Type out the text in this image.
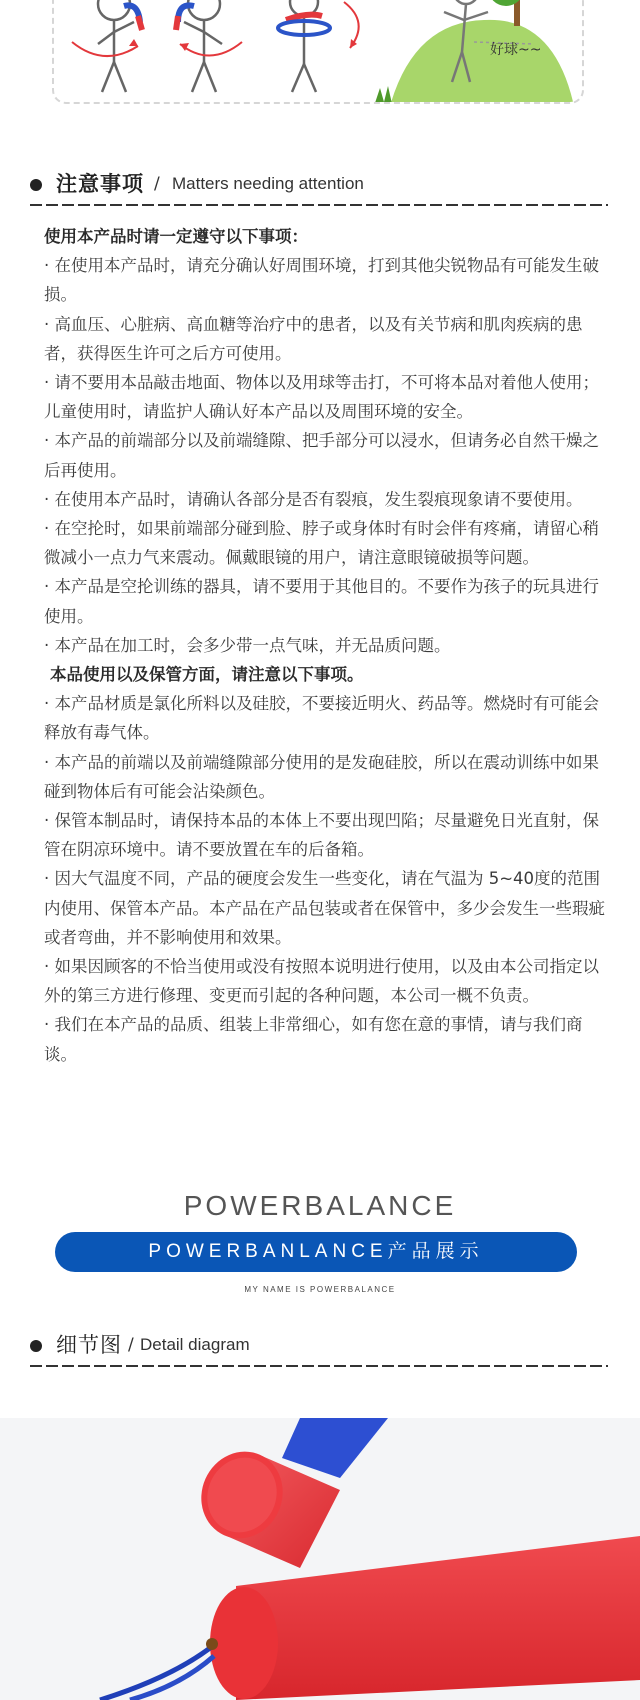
好球~~
注意事项 / Matters needing attention

使用本产品时请一定遵守以下事项：

· 在使用本产品时，请充分确认好周围环境，打到其他尖锐物品有可能发生破损。

· 高血压、心脏病、高血糖等治疗中的患者，以及有关节病和肌肉疾病的患者，获得医生许可之后方可使用。

· 请不要用本品敲击地面、物体以及用球等击打，不可将本品对着他人使用；儿童使用时，请监护人确认好本产品以及周围环境的安全。

· 本产品的前端部分以及前端缝隙、把手部分可以浸水，但请务必自然干燥之后再使用。

· 在使用本产品时，请确认各部分是否有裂痕，发生裂痕现象请不要使用。

· 在空抡时，如果前端部分碰到脸、脖子或身体时有时会伴有疼痛，请留心稍微减小一点力气来震动。佩戴眼镜的用户，请注意眼镜破损等问题。

· 本产品是空抡训练的器具，请不要用于其他目的。不要作为孩子的玩具进行使用。

· 本产品在加工时，会多少带一点气味，并无品质问题。

本品使用以及保管方面，请注意以下事项。

· 本产品材质是氯化所料以及硅胶，不要接近明火、药品等。燃烧时有可能会释放有毒气体。

· 本产品的前端以及前端缝隙部分使用的是发砲硅胶，所以在震动训练中如果碰到物体后有可能会沾染颜色。

· 保管本制品时，请保持本品的本体上不要出现凹陷；尽量避免日光直射，保管在阴凉环境中。请不要放置在车的后备箱。

· 因大气温度不同，产品的硬度会发生一些变化，请在气温为 5~40度的范围内使用、保管本产品。本产品在产品包装或者在保管中，多少会发生一些瑕疵或者弯曲，并不影响使用和效果。

· 如果因顾客的不恰当使用或没有按照本说明进行使用，以及由本公司指定以外的第三方进行修理、变更而引起的各种问题，本公司一概不负责。

· 我们在本产品的品质、组装上非常细心，如有您在意的事情，请与我们商谈。

POWERBALANCE
POWERBANLANCE产品展示
MY NAME IS POWERBALANCE
细节图 / Detail diagram
